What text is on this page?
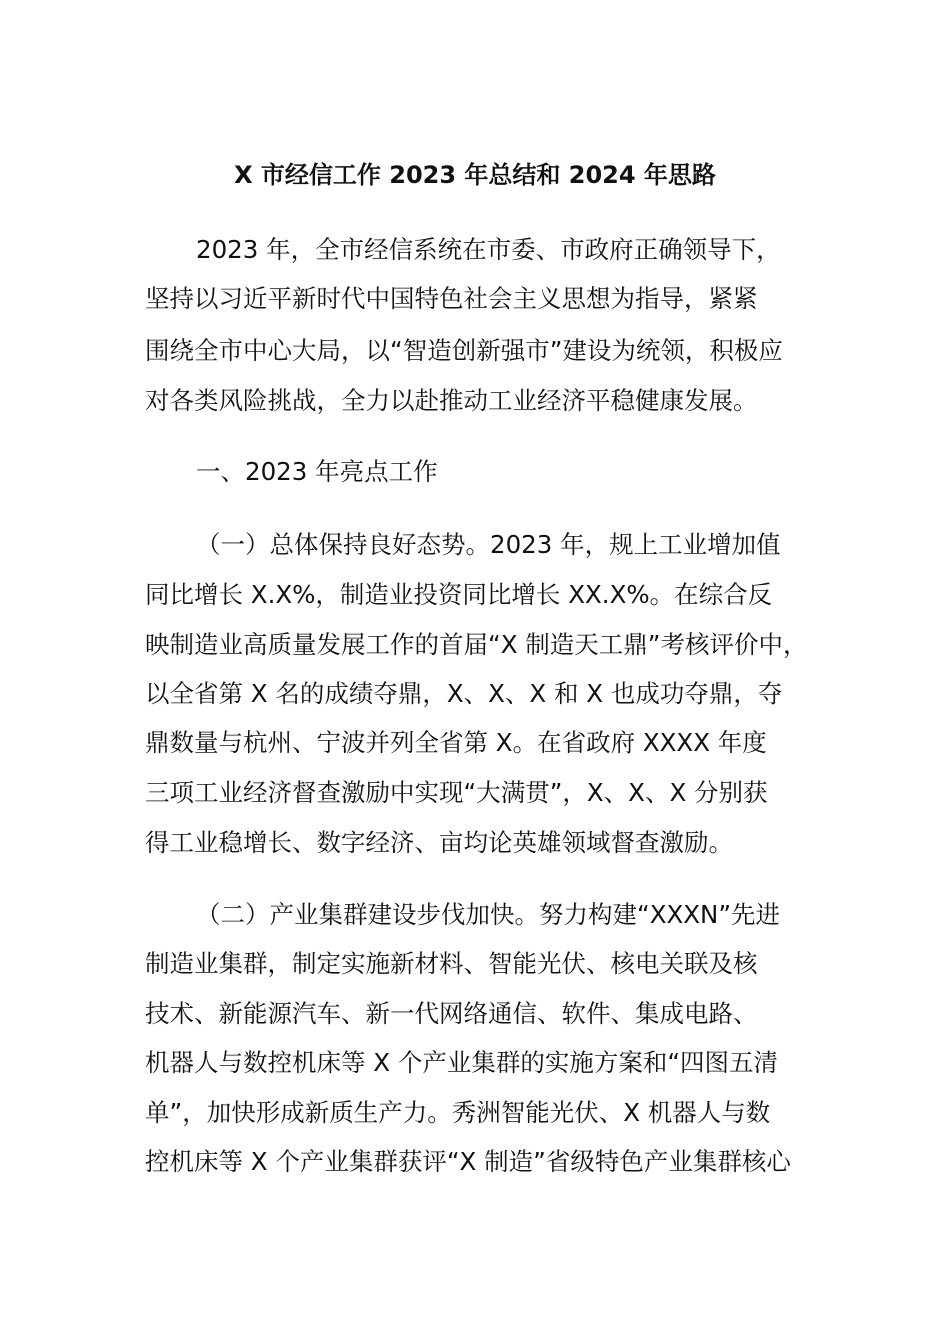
X 市经信工作 2023 年总结和 2024 年思路
2023 年，全市经信系统在市委、市政府正确领导下，
坚持以习近平新时代中国特色社会主义思想为指导，紧紧
围绕全市中心大局，以“智造创新强市”建设为统领，积极应
对各类风险挑战，全力以赴推动工业经济平稳健康发展。
一、2023 年亮点工作
（一）总体保持良好态势。2023 年，规上工业增加值
同比增长 X.X%，制造业投资同比增长 XX.X%。在综合反
映制造业高质量发展工作的首届“X 制造天工鼎”考核评价中，
以全省第 X 名的成绩夺鼎，X、X、X 和 X 也成功夺鼎，夺
鼎数量与杭州、宁波并列全省第 X。在省政府 XXXX 年度
三项工业经济督查激励中实现“大满贯”，X、X、X 分别获
得工业稳增长、数字经济、亩均论英雄领域督查激励。
（二）产业集群建设步伐加快。努力构建“XXXN”先进
制造业集群，制定实施新材料、智能光伏、核电关联及核
技术、新能源汽车、新一代网络通信、软件、集成电路、
机器人与数控机床等 X 个产业集群的实施方案和“四图五清
单”，加快形成新质生产力。秀洲智能光伏、X 机器人与数
控机床等 X 个产业集群获评“X 制造”省级特色产业集群核心
